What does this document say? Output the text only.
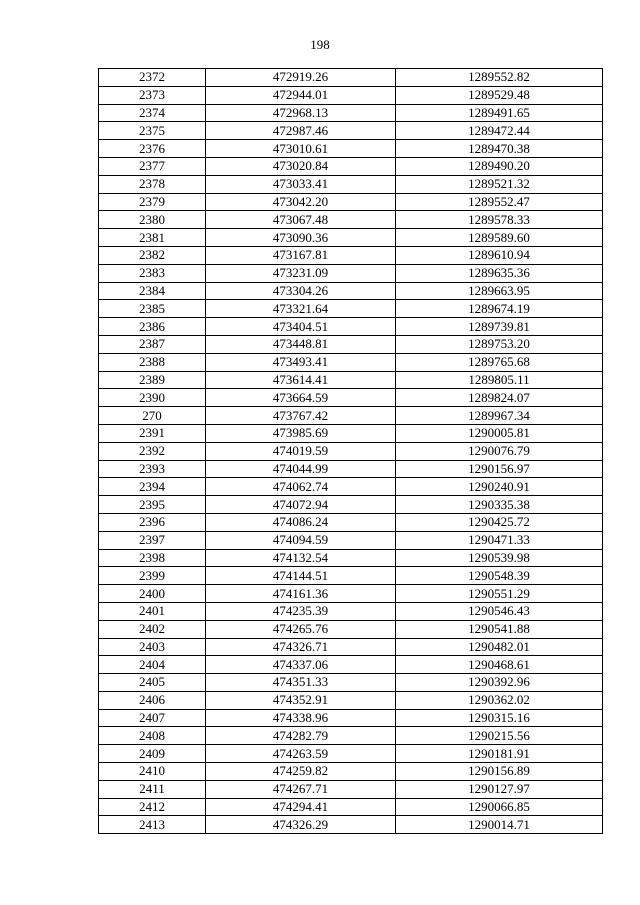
198
2372	472919.26	1289552.82
2373	472944.01	1289529.48
2374	472968.13	1289491.65
2375	472987.46	1289472.44
2376	473010.61	1289470.38
2377	473020.84	1289490.20
2378	473033.41	1289521.32
2379	473042.20	1289552.47
2380	473067.48	1289578.33
2381	473090.36	1289589.60
2382	473167.81	1289610.94
2383	473231.09	1289635.36
2384	473304.26	1289663.95
2385	473321.64	1289674.19
2386	473404.51	1289739.81
2387	473448.81	1289753.20
2388	473493.41	1289765.68
2389	473614.41	1289805.11
2390	473664.59	1289824.07
270	473767.42	1289967.34
2391	473985.69	1290005.81
2392	474019.59	1290076.79
2393	474044.99	1290156.97
2394	474062.74	1290240.91
2395	474072.94	1290335.38
2396	474086.24	1290425.72
2397	474094.59	1290471.33
2398	474132.54	1290539.98
2399	474144.51	1290548.39
2400	474161.36	1290551.29
2401	474235.39	1290546.43
2402	474265.76	1290541.88
2403	474326.71	1290482.01
2404	474337.06	1290468.61
2405	474351.33	1290392.96
2406	474352.91	1290362.02
2407	474338.96	1290315.16
2408	474282.79	1290215.56
2409	474263.59	1290181.91
2410	474259.82	1290156.89
2411	474267.71	1290127.97
2412	474294.41	1290066.85
2413	474326.29	1290014.71
